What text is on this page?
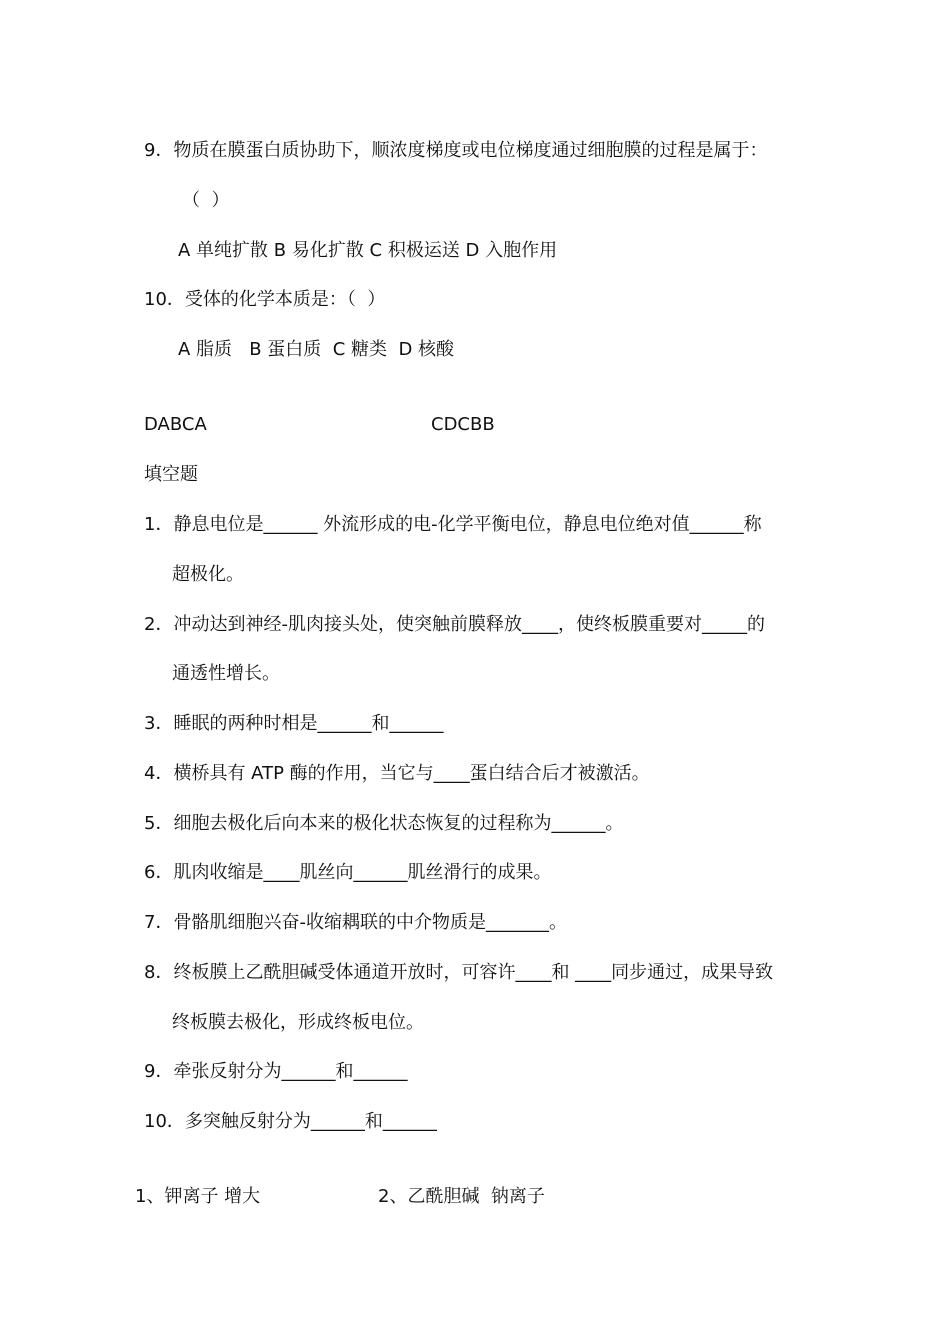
9．物质在膜蛋白质协助下，顺浓度梯度或电位梯度通过细胞膜的过程是属于：
（  ）
A 单纯扩散 B 易化扩散 C 积极运送 D 入胞作用
10．受体的化学本质是：（  ）
A 脂质   B 蛋白质  C 糖类  D 核酸
DABCA	CDCBB
填空题
1．静息电位是______ 外流形成的电-化学平衡电位，静息电位绝对值______称
超极化。
2．冲动达到神经-肌肉接头处，使突触前膜释放____，使终板膜重要对_____的
通透性增长。
3．睡眠的两种时相是______和______
4．横桥具有 ATP 酶的作用，当它与____蛋白结合后才被激活。
5．细胞去极化后向本来的极化状态恢复的过程称为______。
6．肌肉收缩是____肌丝向______肌丝滑行的成果。
7．骨骼肌细胞兴奋-收缩耦联的中介物质是_______。
8．终板膜上乙酰胆碱受体通道开放时，可容许____和 ____同步通过，成果导致
终板膜去极化，形成终板电位。
9．牵张反射分为______和______
10．多突触反射分为______和______
1、钾离子 增大	2、乙酰胆碱  钠离子
